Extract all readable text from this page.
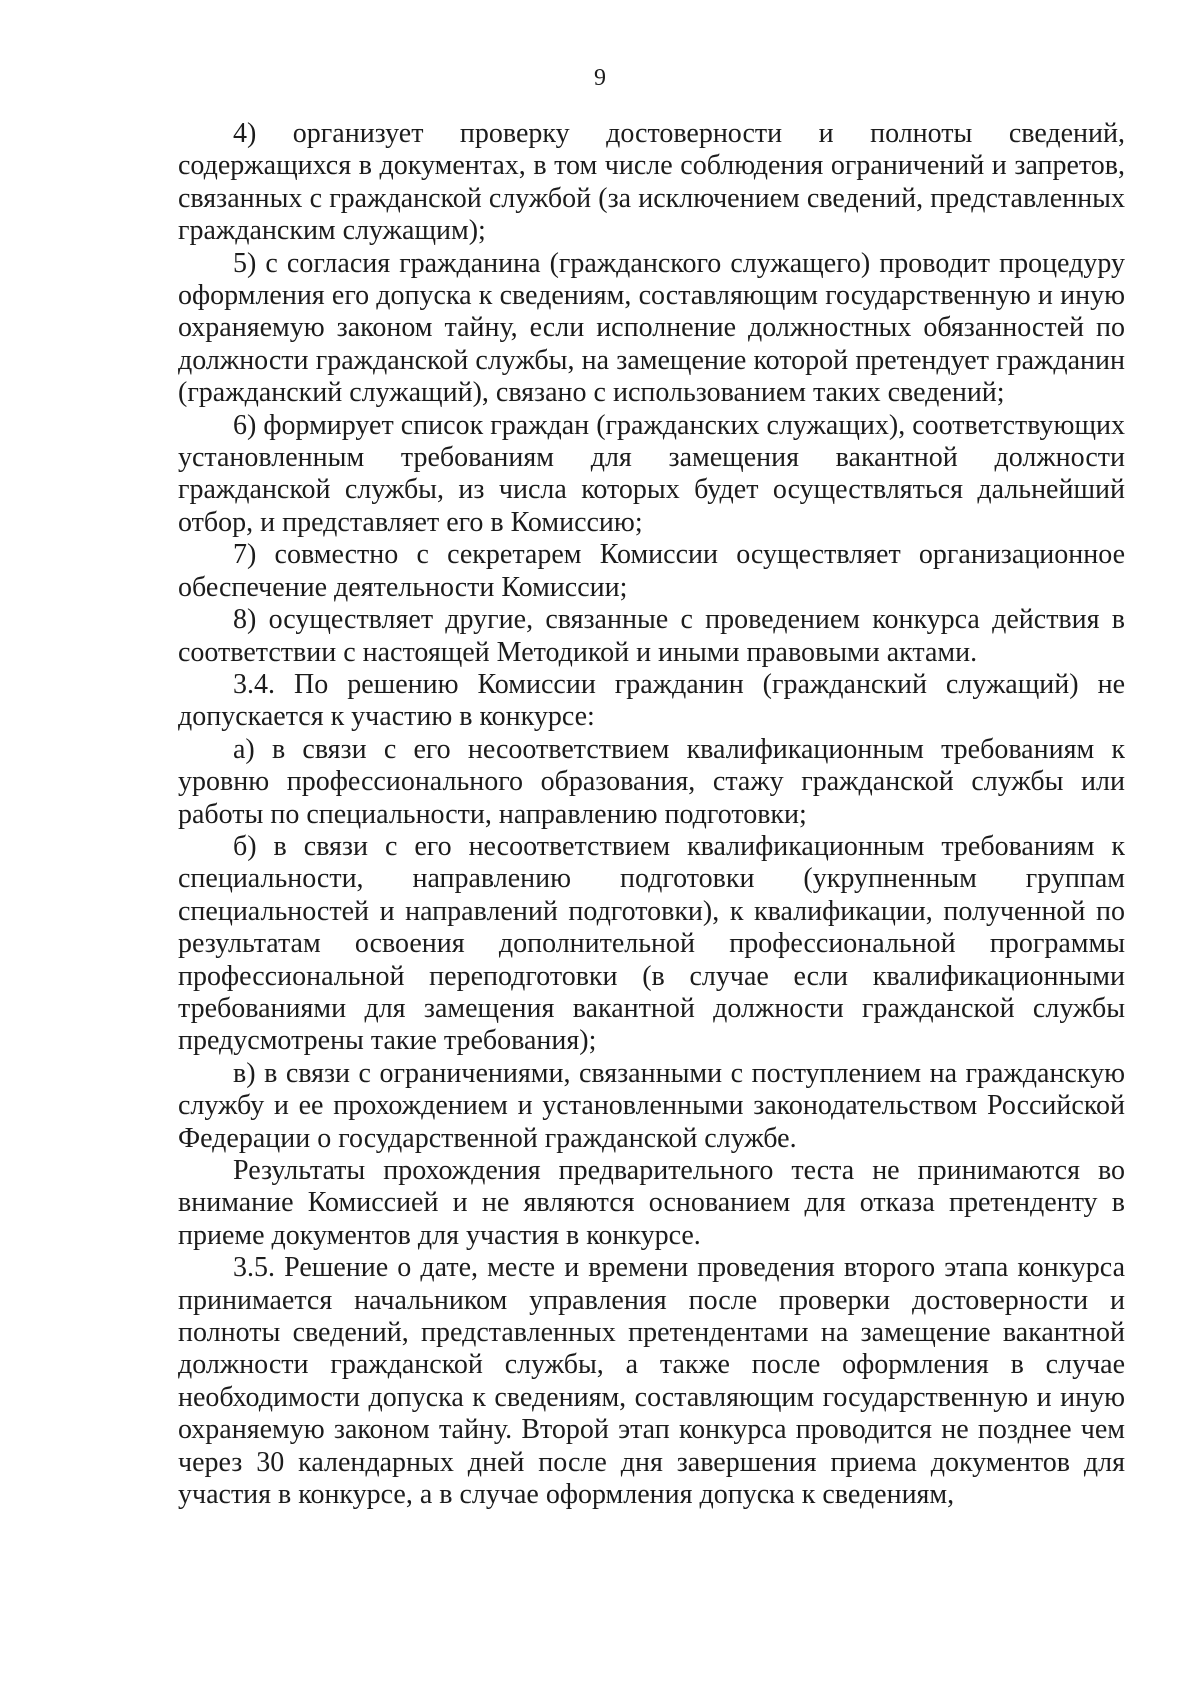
9

4) организует проверку достоверности и полноты сведений, содержащихся в документах, в том числе соблюдения ограничений и запретов, связанных с гражданской службой (за исключением сведений, представленных гражданским служащим);

5) с согласия гражданина (гражданского служащего) проводит процедуру оформления его допуска к сведениям, составляющим государственную и иную охраняемую законом тайну, если исполнение должностных обязанностей по должности гражданской службы, на замещение которой претендует гражданин (гражданский служащий), связано с использованием таких сведений;

6) формирует список граждан (гражданских служащих), соответствующих установленным требованиям для замещения вакантной должности гражданской службы, из числа которых будет осуществляться дальнейший отбор, и представляет его в Комиссию;

7) совместно с секретарем Комиссии осуществляет организационное обеспечение деятельности Комиссии;

8) осуществляет другие, связанные с проведением конкурса действия в соответствии с настоящей Методикой и иными правовыми актами.

3.4. По решению Комиссии гражданин (гражданский служащий) не допускается к участию в конкурсе:

а) в связи с его несоответствием квалификационным требованиям к уровню профессионального образования, стажу гражданской службы или работы по специальности, направлению подготовки;

б) в связи с его несоответствием квалификационным требованиям к специальности, направлению подготовки (укрупненным группам специальностей и направлений подготовки), к квалификации, полученной по результатам освоения дополнительной профессиональной программы профессиональной переподготовки (в случае если квалификационными требованиями для замещения вакантной должности гражданской службы предусмотрены такие требования);

в) в связи с ограничениями, связанными с поступлением на гражданскую службу и ее прохождением и установленными законодательством Российской Федерации о государственной гражданской службе.

Результаты прохождения предварительного теста не принимаются во внимание Комиссией и не являются основанием для отказа претенденту в приеме документов для участия в конкурсе.

3.5. Решение о дате, месте и времени проведения второго этапа конкурса принимается начальником управления после проверки достоверности и полноты сведений, представленных претендентами на замещение вакантной должности гражданской службы, а также после оформления в случае необходимости допуска к сведениям, составляющим государственную и иную охраняемую законом тайну. Второй этап конкурса проводится не позднее чем через 30 календарных дней после дня завершения приема документов для участия в конкурсе, а в случае оформления допуска к сведениям,
